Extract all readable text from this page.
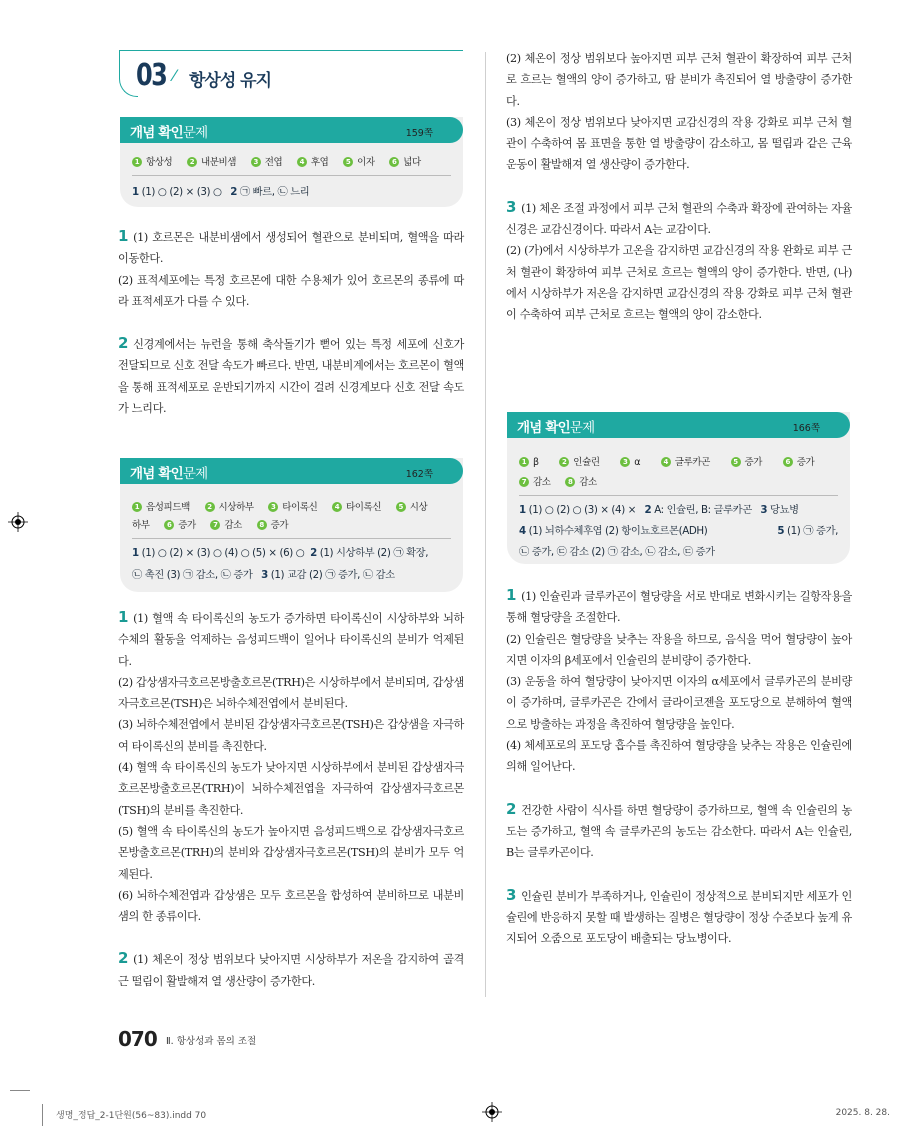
03 ⁄ 항상성 유지
개념 확인문제	159쪽
1 항상성 2 내분비샘 3 전엽 4 후엽 5 이자 6 넓다
1 (1) ○ (2) × (3) ○ 2 ㉠ 빠르, ㉡ 느리

1 (1) 호르몬은 내분비샘에서 생성되어 혈관으로 분비되며, 혈액을 따라 이동한다.

(2) 표적세포에는 특정 호르몬에 대한 수용체가 있어 호르몬의 종류에 따라 표적세포가 다를 수 있다.

2 신경계에서는 뉴런을 통해 축삭돌기가 뻗어 있는 특정 세포에 신호가 전달되므로 신호 전달 속도가 빠르다. 반면, 내분비계에서는 호르몬이 혈액을 통해 표적세포로 운반되기까지 시간이 걸려 신경계보다 신호 전달 속도가 느리다.

개념 확인문제	162쪽
1 음성피드백 2 시상하부 3 타이록신 4 타이록신 5 시상
하부 6 증가 7 감소 8 증가
1 (1) ○ (2) × (3) ○ (4) ○ (5) × (6) ○ 2 (1) 시상하부 (2) ㉠ 확장,
㉡ 촉진 (3) ㉠ 감소, ㉡ 증가 3 (1) 교감 (2) ㉠ 증가, ㉡ 감소

1 (1) 혈액 속 타이록신의 농도가 증가하면 타이록신이 시상하부와 뇌하수체의 활동을 억제하는 음성피드백이 일어나 타이록신의 분비가 억제된다.

(2) 갑상샘자극호르몬방출호르몬(TRH)은 시상하부에서 분비되며, 갑상샘자극호르몬(TSH)은 뇌하수체전엽에서 분비된다.

(3) 뇌하수체전엽에서 분비된 갑상샘자극호르몬(TSH)은 갑상샘을 자극하여 타이록신의 분비를 촉진한다.

(4) 혈액 속 타이록신의 농도가 낮아지면 시상하부에서 분비된 갑상샘자극호르몬방출호르몬(TRH)이 뇌하수체전엽을 자극하여 갑상샘자극호르몬(TSH)의 분비를 촉진한다.

(5) 혈액 속 타이록신의 농도가 높아지면 음성피드백으로 갑상샘자극호르몬방출호르몬(TRH)의 분비와 갑상샘자극호르몬(TSH)의 분비가 모두 억제된다.

(6) 뇌하수체전엽과 갑상샘은 모두 호르몬을 합성하여 분비하므로 내분비샘의 한 종류이다.

2 (1) 체온이 정상 범위보다 낮아지면 시상하부가 저온을 감지하여 골격근 떨림이 활발해져 열 생산량이 증가한다.

(2) 체온이 정상 범위보다 높아지면 피부 근처 혈관이 확장하여 피부 근처로 흐르는 혈액의 양이 증가하고, 땀 분비가 촉진되어 열 방출량이 증가한다.

(3) 체온이 정상 범위보다 낮아지면 교감신경의 작용 강화로 피부 근처 혈관이 수축하여 몸 표면을 통한 열 방출량이 감소하고, 몸 떨림과 같은 근육 운동이 활발해져 열 생산량이 증가한다.

3 (1) 체온 조절 과정에서 피부 근처 혈관의 수축과 확장에 관여하는 자율신경은 교감신경이다. 따라서 A는 교감이다.

(2) (가)에서 시상하부가 고온을 감지하면 교감신경의 작용 완화로 피부 근처 혈관이 확장하여 피부 근처로 흐르는 혈액의 양이 증가한다. 반면, (나)에서 시상하부가 저온을 감지하면 교감신경의 작용 강화로 피부 근처 혈관이 수축하여 피부 근처로 흐르는 혈액의 양이 감소한다.

개념 확인문제	166쪽
1 β	2 인슐린	3 α	4 글루카곤	5 증가	6 증가
7 감소 8 감소
1 (1) ○ (2) ○ (3) × (4) × 2 A: 인슐린, B: 글루카곤 3 당뇨병
4 (1) 뇌하수체후엽 (2) 항이뇨호르몬(ADH)	5 (1) ㉠ 증가,
㉡ 증가, ㉢ 감소 (2) ㉠ 감소, ㉡ 감소, ㉢ 증가

1 (1) 인슐린과 글루카곤이 혈당량을 서로 반대로 변화시키는 길항작용을 통해 혈당량을 조절한다.

(2) 인슐린은 혈당량을 낮추는 작용을 하므로, 음식을 먹어 혈당량이 높아지면 이자의 β세포에서 인슐린의 분비량이 증가한다.

(3) 운동을 하여 혈당량이 낮아지면 이자의 α세포에서 글루카곤의 분비량이 증가하며, 글루카곤은 간에서 글라이코젠을 포도당으로 분해하여 혈액으로 방출하는 과정을 촉진하여 혈당량을 높인다.

(4) 체세포로의 포도당 흡수를 촉진하여 혈당량을 낮추는 작용은 인슐린에 의해 일어난다.

2 건강한 사람이 식사를 하면 혈당량이 증가하므로, 혈액 속 인슐린의 농도는 증가하고, 혈액 속 글루카곤의 농도는 감소한다. 따라서 A는 인슐린, B는 글루카곤이다.

3 인슐린 분비가 부족하거나, 인슐린이 정상적으로 분비되지만 세포가 인슐린에 반응하지 못할 때 발생하는 질병은 혈당량이 정상 수준보다 높게 유지되어 오줌으로 포도당이 배출되는 당뇨병이다.

070 Ⅱ. 항상성과 몸의 조절
생명_정답_2-1단원(56~83).indd 70	2025. 8. 28.
